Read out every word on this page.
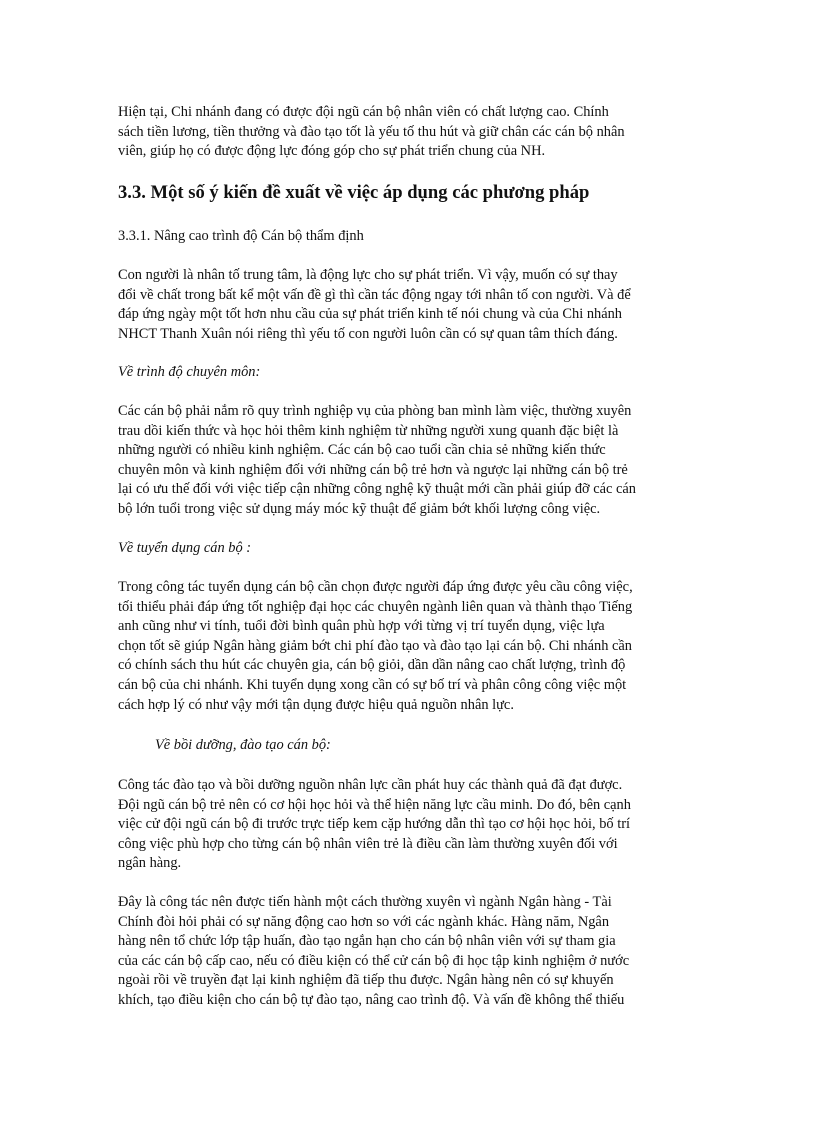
Hiện tại, Chi nhánh đang có được đội ngũ cán bộ nhân viên có chất lượng cao. Chính
sách tiền lương, tiền thưởng và đào tạo tốt là yếu tố thu hút và giữ chân các cán bộ nhân
viên, giúp họ có được động lực đóng góp cho sự phát triển chung của NH.

3.3. Một số ý kiến đề xuất về việc áp dụng các phương pháp

3.3.1. Nâng cao trình độ Cán bộ thẩm định

Con người là nhân tố trung tâm, là động lực cho sự phát triển. Vì vậy, muốn có sự thay
đổi về chất trong bất kể một vấn đề gì thì cần tác động ngay tới nhân tố con người. Và để
đáp ứng ngày một tốt hơn nhu cầu của sự phát triển kinh tế nói chung và của Chi nhánh
NHCT Thanh Xuân nói riêng thì yếu tố con người luôn cần có sự quan tâm thích đáng.

Về trình độ chuyên môn:

Các cán bộ phải nắm rõ quy trình nghiệp vụ của phòng ban mình làm việc, thường xuyên
trau dồi kiến thức và học hỏi thêm kinh nghiệm từ những người xung quanh đặc biệt là
những người có nhiều kinh nghiệm. Các cán bộ cao tuổi cần chia sẻ những kiến thức
chuyên môn và kinh nghiệm đối với những cán bộ trẻ hơn và ngược lại những cán bộ trẻ
lại có ưu thế đối với việc tiếp cận những công nghệ kỹ thuật mới cần phải giúp đỡ các cán
bộ lớn tuổi trong việc sử dụng máy móc kỹ thuật để giảm bớt khối lượng công việc.

Về tuyển dụng cán bộ :

Trong công tác tuyển dụng cán bộ cần chọn được người đáp ứng được yêu cầu công việc,
tối thiểu phải đáp ứng tốt nghiệp đại học các chuyên ngành liên quan và thành thạo Tiếng
anh cũng như vi tính, tuổi đời bình quân phù hợp với từng vị trí tuyển dụng, việc lựa
chọn tốt sẽ giúp Ngân hàng giảm bớt chi phí đào tạo và đào tạo lại cán bộ. Chi nhánh cần
có chính sách thu hút các chuyên gia, cán bộ giỏi, dần dần nâng cao chất lượng, trình độ
cán bộ của chi nhánh. Khi tuyển dụng xong cần có sự bố trí và phân công công việc một
cách hợp lý có như vậy mới tận dụng được hiệu quả nguồn nhân lực.

Về bồi dưỡng, đào tạo cán bộ:

Công tác đào tạo và bồi dưỡng nguồn nhân lực cần phát huy các thành quả đã đạt được.
Đội ngũ cán bộ trẻ nên có cơ hội học hỏi và thể hiện năng lực cầu minh. Do đó, bên cạnh
việc cử đội ngũ cán bộ đi trước trực tiếp kem cặp hướng dẫn thì tạo cơ hội học hỏi, bố trí
công việc phù hợp cho từng cán bộ nhân viên trẻ là điều cần làm thường xuyên đối với
ngân hàng.

Đây là công tác nên được tiến hành một cách thường xuyên vì ngành Ngân hàng - Tài
Chính đòi hỏi phải có sự năng động cao hơn so với các ngành khác. Hàng năm, Ngân
hàng nên tổ chức lớp tập huấn, đào tạo ngắn hạn cho cán bộ nhân viên với sự tham gia
của các cán bộ cấp cao, nếu có điều kiện có thể cử cán bộ đi học tập kinh nghiệm ở nước
ngoài rồi về truyền đạt lại kinh nghiệm đã tiếp thu được. Ngân hàng nên có sự khuyến
khích, tạo điều kiện cho cán bộ tự đào tạo, nâng cao trình độ. Và vấn đề không thể thiếu
